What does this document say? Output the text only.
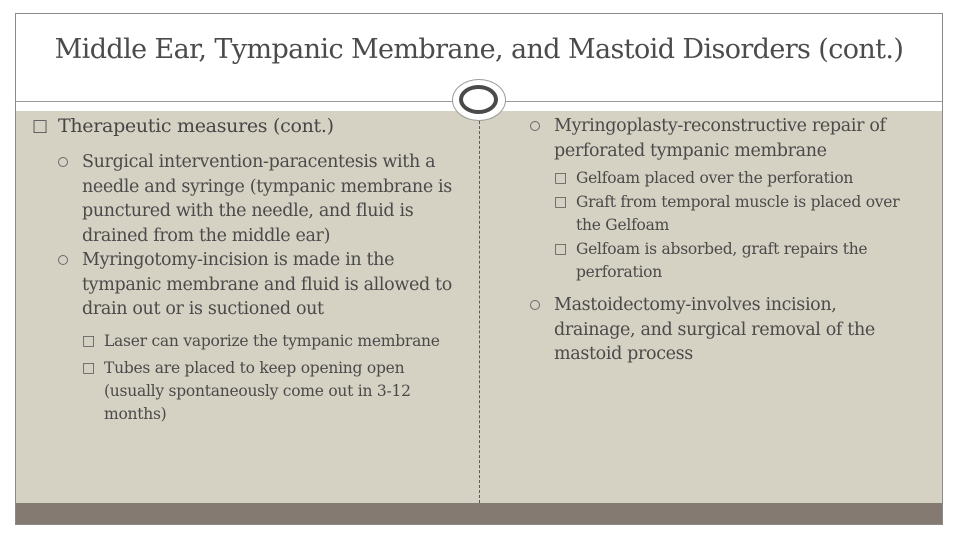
Middle Ear, Tympanic Membrane, and Mastoid Disorders (cont.)

□ Therapeutic measures (cont.)

Surgical intervention-paracentesis with a needle and syringe (tympanic membrane is punctured with the needle, and fluid is drained from the middle ear)

Myringotomy-incision is made in the tympanic membrane and fluid is allowed to drain out or is suctioned out

□ Laser can vaporize the tympanic membrane

□ Tubes are placed to keep opening open (usually spontaneously come out in 3-12 months)

Myringoplasty-reconstructive repair of perforated tympanic membrane

□ Gelfoam placed over the perforation

□ Graft from temporal muscle is placed over the Gelfoam

□ Gelfoam is absorbed, graft repairs the perforation

Mastoidectomy-involves incision, drainage, and surgical removal of the mastoid process
